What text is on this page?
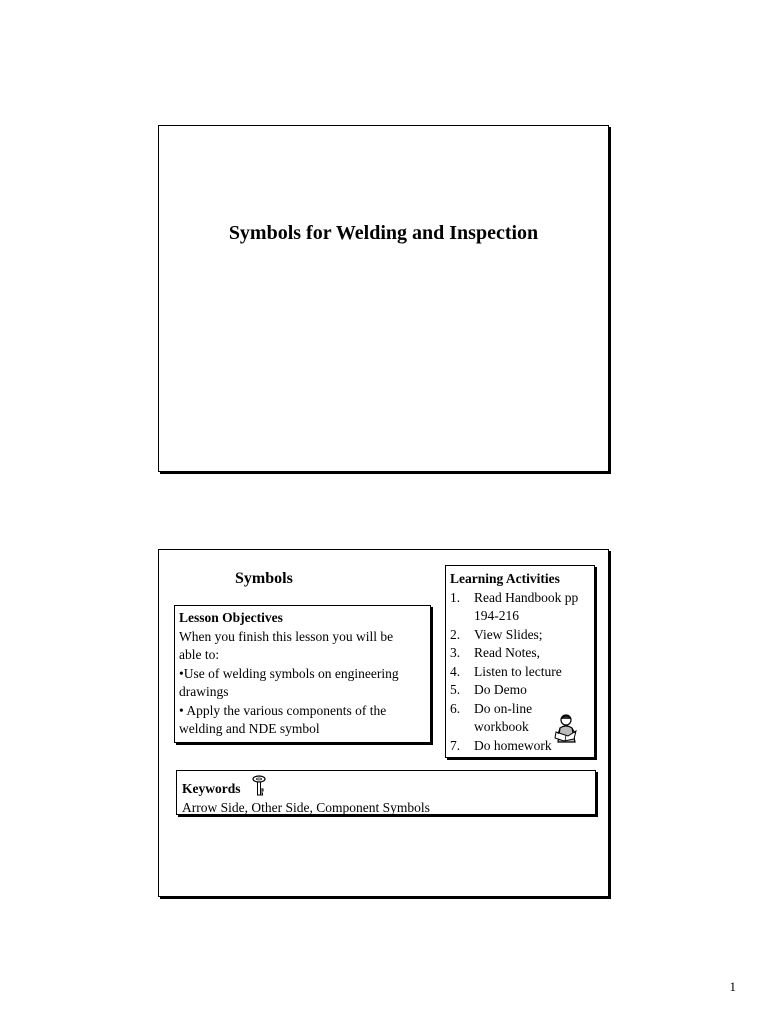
Symbols for Welding and Inspection
Symbols
Lesson Objectives
When you finish this lesson you will be
able to:
•Use of welding symbols on engineering
drawings
• Apply the various components of the
welding and NDE symbol
Learning Activities
1.	Read Handbook pp 194-216
2.	View Slides;
3.	Read Notes,
4.	Listen to lecture
5.	Do Demo
6.	Do on-line workbook
7.	Do homework
Keywords
Arrow Side, Other Side, Component Symbols
1
